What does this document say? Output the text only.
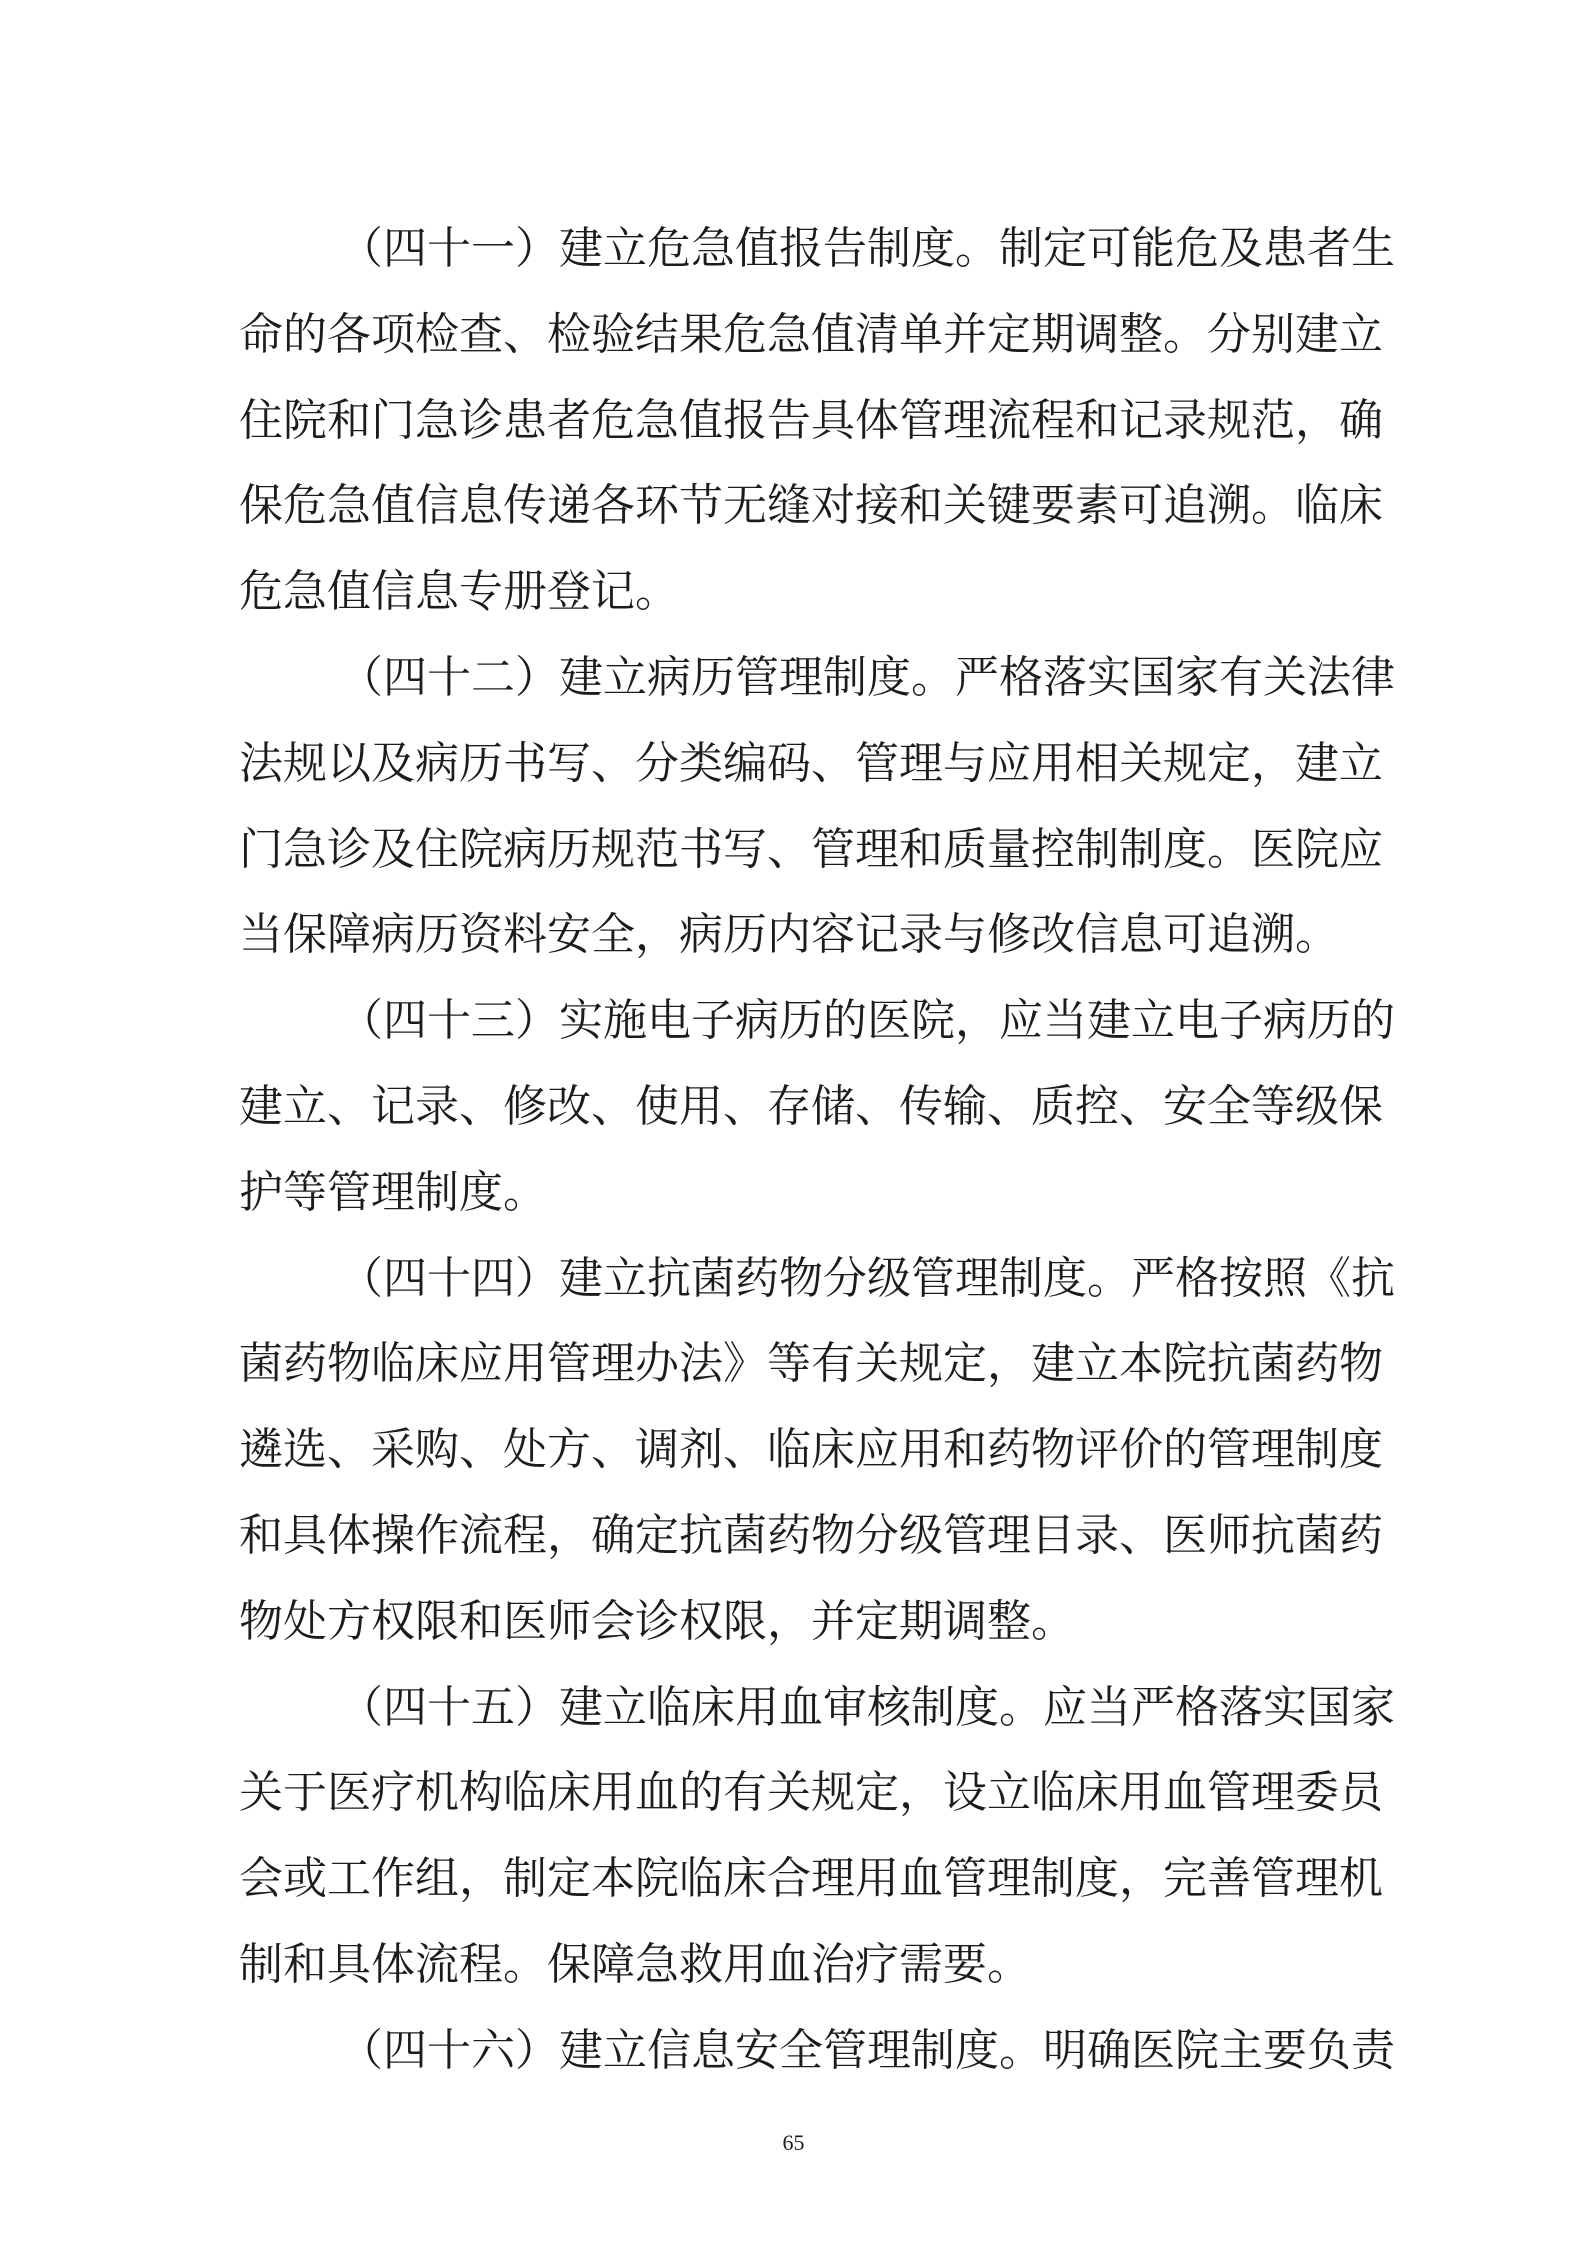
（四十一）建立危急值报告制度。制定可能危及患者生
命的各项检查、检验结果危急值清单并定期调整。分别建立
住院和门急诊患者危急值报告具体管理流程和记录规范，确
保危急值信息传递各环节无缝对接和关键要素可追溯。临床
危急值信息专册登记。
（四十二）建立病历管理制度。严格落实国家有关法律
法规以及病历书写、分类编码、管理与应用相关规定，建立
门急诊及住院病历规范书写、管理和质量控制制度。医院应
当保障病历资料安全，病历内容记录与修改信息可追溯。
（四十三）实施电子病历的医院，应当建立电子病历的
建立、记录、修改、使用、存储、传输、质控、安全等级保
护等管理制度。
（四十四）建立抗菌药物分级管理制度。严格按照《抗
菌药物临床应用管理办法》等有关规定，建立本院抗菌药物
遴选、采购、处方、调剂、临床应用和药物评价的管理制度
和具体操作流程，确定抗菌药物分级管理目录、医师抗菌药
物处方权限和医师会诊权限，并定期调整。
（四十五）建立临床用血审核制度。应当严格落实国家
关于医疗机构临床用血的有关规定，设立临床用血管理委员
会或工作组，制定本院临床合理用血管理制度，完善管理机
制和具体流程。保障急救用血治疗需要。
（四十六）建立信息安全管理制度。明确医院主要负责
65
